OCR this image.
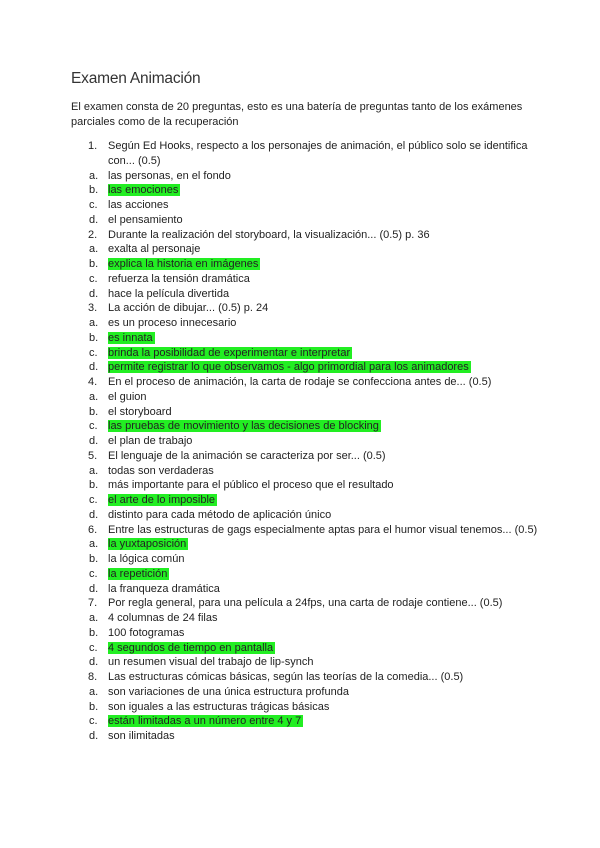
Examen Animación
El examen consta de 20 preguntas, esto es una batería de preguntas tanto de los exámenes parciales como de la recuperación
1. Según Ed Hooks, respecto a los personajes de animación, el público solo se identifica con... (0.5)
a. las personas, en el fondo
b. las emociones
c. las acciones
d. el pensamiento
2. Durante la realización del storyboard, la visualización... (0.5) p. 36
a. exalta al personaje
b. explica la historia en imágenes
c. refuerza la tensión dramática
d. hace la película divertida
3. La acción de dibujar... (0.5) p. 24
a. es un proceso innecesario
b. es innata
c. brinda la posibilidad de experimentar e interpretar
d. permite registrar lo que observamos - algo primordial para los animadores
4. En el proceso de animación, la carta de rodaje se confecciona antes de... (0.5)
a. el guion
b. el storyboard
c. las pruebas de movimiento y las decisiones de blocking
d. el plan de trabajo
5. El lenguaje de la animación se caracteriza por ser... (0.5)
a. todas son verdaderas
b. más importante para el público el proceso que el resultado
c. el arte de lo imposible
d. distinto para cada método de aplicación único
6. Entre las estructuras de gags especialmente aptas para el humor visual tenemos... (0.5)
a. la yuxtaposición
b. la lógica común
c. la repetición
d. la franqueza dramática
7. Por regla general, para una película a 24fps, una carta de rodaje contiene... (0.5)
a. 4 columnas de 24 filas
b. 100 fotogramas
c. 4 segundos de tiempo en pantalla
d. un resumen visual del trabajo de lip-synch
8. Las estructuras cómicas básicas, según las teorías de la comedia... (0.5)
a. son variaciones de una única estructura profunda
b. son iguales a las estructuras trágicas básicas
c. están limitadas a un número entre 4 y 7
d. son ilimitadas
